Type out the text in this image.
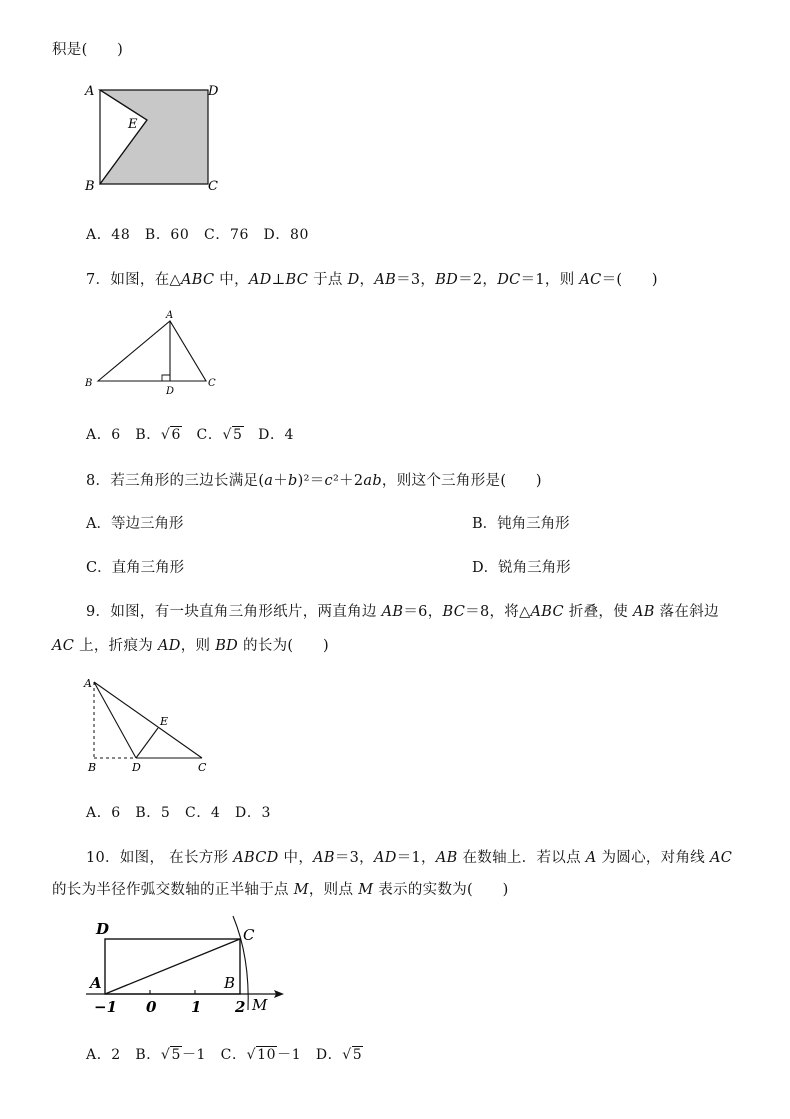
积是(　　)
A	D
E
B	C
A．48　B．60　C．76　D．80
7．如图，在△ABC 中，AD⊥BC 于点 D，AB＝3，BD＝2，DC＝1，则 AC＝(　　)
A
B
D
C
A．6　B．√6　C．√5　D．4
8．若三角形的三边长满足(a＋b)²＝c²＋2ab，则这个三角形是(　　)
A．等边三角形	B．钝角三角形
C．直角三角形	D．锐角三角形
9．如图，有一块直角三角形纸片，两直角边 AB＝6，BC＝8，将△ABC 折叠，使 AB 落在斜边
AC 上，折痕为 AD，则 BD 的长为(　　)
A
E
B	D	C
A．6　B．5　C．4　D．3
10．如图， 在长方形 ABCD 中，AB＝3，AD＝1，AB 在数轴上．若以点 A 为圆心，对角线 AC
的长为半径作弧交数轴的正半轴于点 M，则点 M 表示的实数为(　　)
D	C
A	B
M
−1 0 1 2
A．2　B．√5－1　C．√10－1　D．√5
